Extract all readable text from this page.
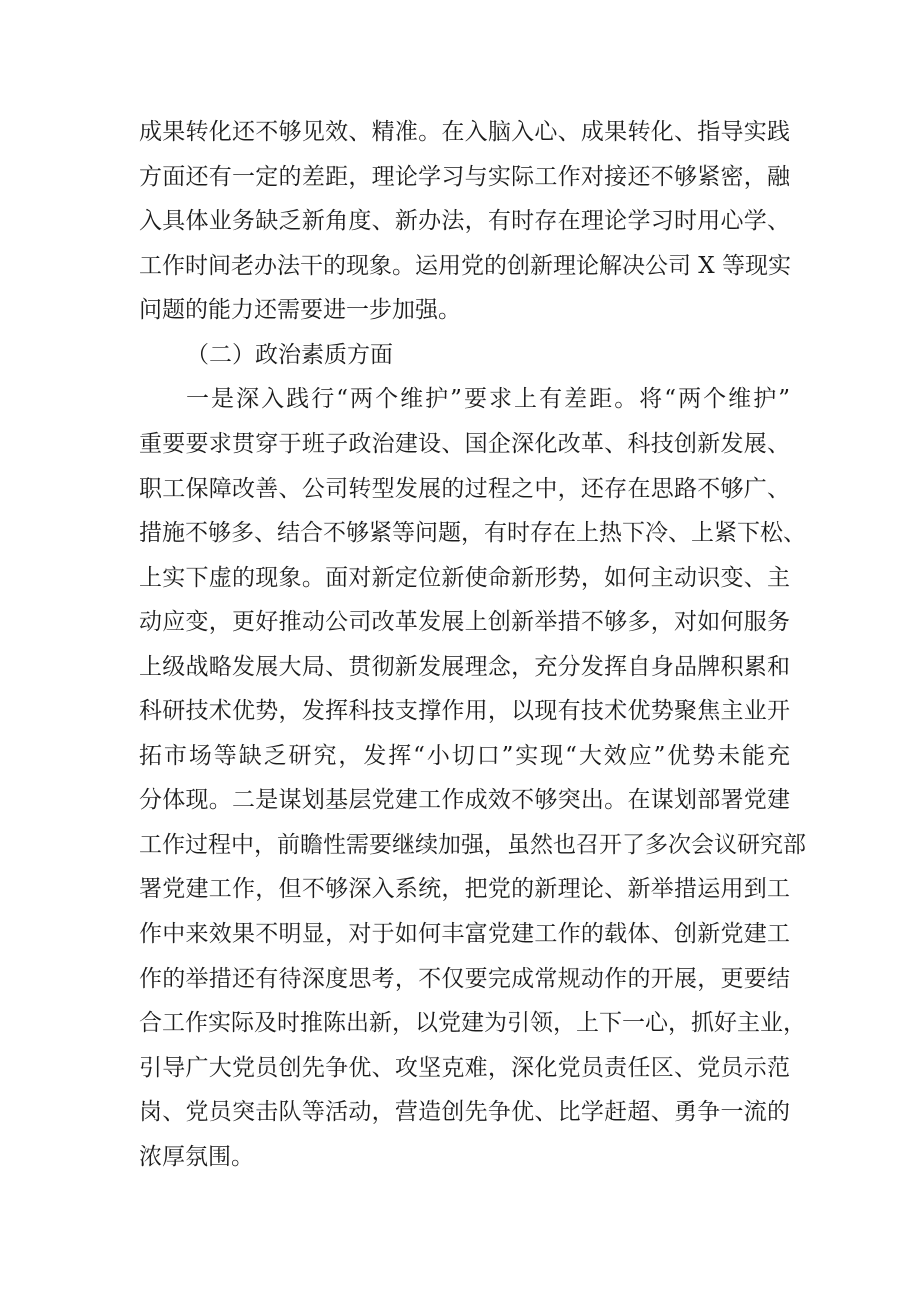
成果转化还不够见效、精准。在入脑入心、成果转化、指导实践

方面还有一定的差距，理论学习与实际工作对接还不够紧密，融

入具体业务缺乏新角度、新办法，有时存在理论学习时用心学、

工作时间老办法干的现象。运用党的创新理论解决公司 X 等现实

问题的能力还需要进一步加强。

（二）政治素质方面

一是深入践行“两个维护”要求上有差距。将“两个维护”

重要要求贯穿于班子政治建设、国企深化改革、科技创新发展、

职工保障改善、公司转型发展的过程之中，还存在思路不够广、

措施不够多、结合不够紧等问题，有时存在上热下冷、上紧下松、

上实下虚的现象。面对新定位新使命新形势，如何主动识变、主

动应变，更好推动公司改革发展上创新举措不够多，对如何服务

上级战略发展大局、贯彻新发展理念，充分发挥自身品牌积累和

科研技术优势，发挥科技支撑作用，以现有技术优势聚焦主业开

拓市场等缺乏研究，发挥“小切口”实现“大效应”优势未能充

分体现。二是谋划基层党建工作成效不够突出。在谋划部署党建

工作过程中，前瞻性需要继续加强，虽然也召开了多次会议研究部

署党建工作，但不够深入系统，把党的新理论、新举措运用到工

作中来效果不明显，对于如何丰富党建工作的载体、创新党建工

作的举措还有待深度思考，不仅要完成常规动作的开展，更要结

合工作实际及时推陈出新，以党建为引领，上下一心，抓好主业，

引导广大党员创先争优、攻坚克难，深化党员责任区、党员示范

岗、党员突击队等活动，营造创先争优、比学赶超、勇争一流的

浓厚氛围。
